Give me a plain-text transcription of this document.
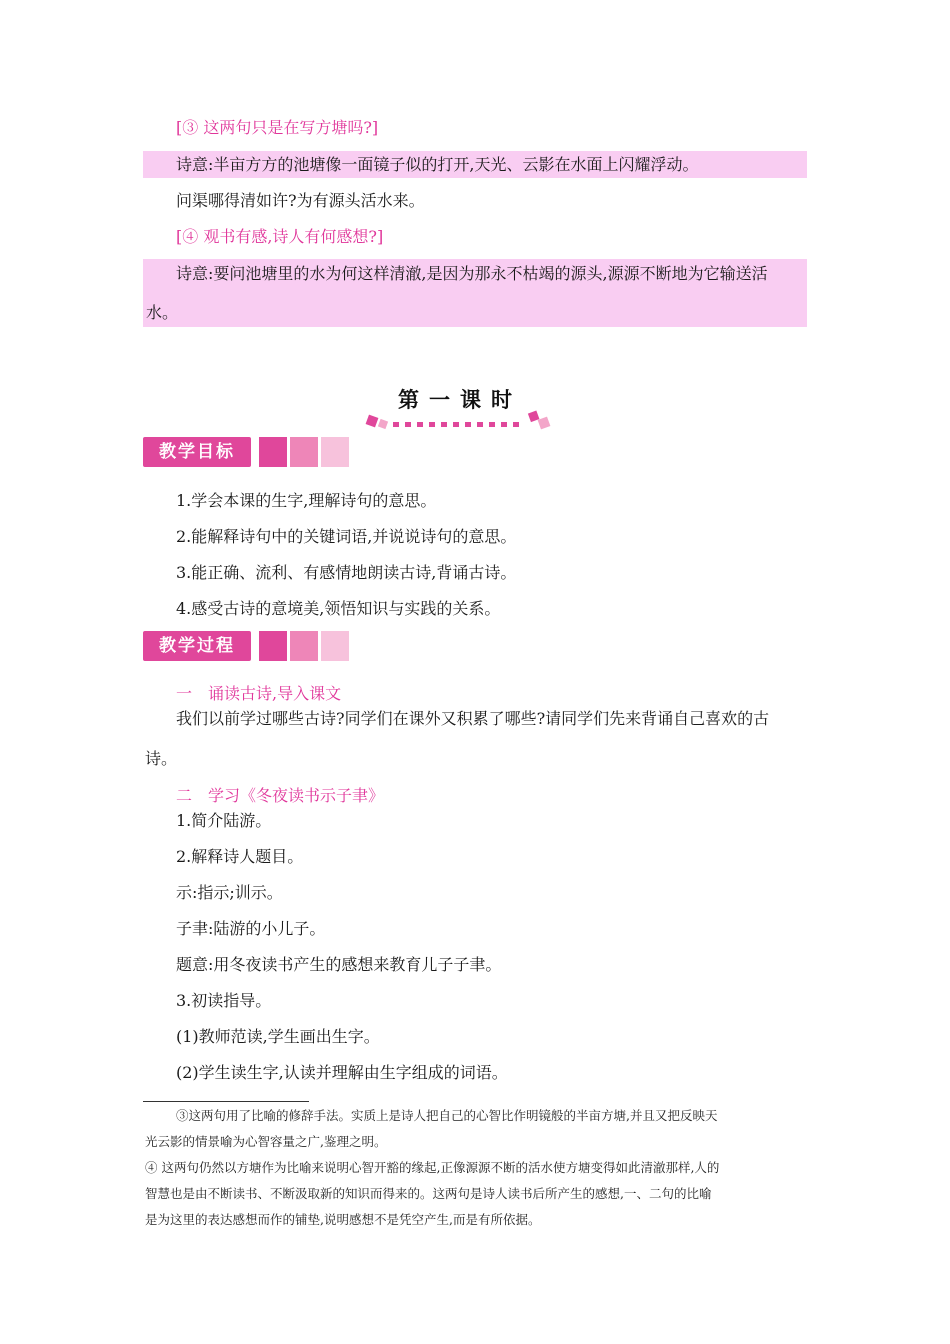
[③ 这两句只是在写方塘吗?]
诗意:半亩方方的池塘像一面镜子似的打开,天光、云影在水面上闪耀浮动。
问渠哪得清如许?为有源头活水来。
[④ 观书有感,诗人有何感想?]
诗意:要问池塘里的水为何这样清澈,是因为那永不枯竭的源头,源源不断地为它输送活
水。
第一课时
教学目标
1.学会本课的生字,理解诗句的意思。
2.能解释诗句中的关键词语,并说说诗句的意思。
3.能正确、流利、有感情地朗读古诗,背诵古诗。
4.感受古诗的意境美,领悟知识与实践的关系。
教学过程
一　诵读古诗,导入课文
我们以前学过哪些古诗?同学们在课外又积累了哪些?请同学们先来背诵自己喜欢的古
诗。
二　学习《冬夜读书示子聿》
1.简介陆游。
2.解释诗人题目。
示:指示;训示。
子聿:陆游的小儿子。
题意:用冬夜读书产生的感想来教育儿子子聿。
3.初读指导。
(1)教师范读,学生画出生字。
(2)学生读生字,认读并理解由生字组成的词语。
③这两句用了比喻的修辞手法。实质上是诗人把自己的心智比作明镜般的半亩方塘,并且又把反映天
光云影的情景喻为心智容量之广,鉴理之明。
④ 这两句仍然以方塘作为比喻来说明心智开豁的缘起,正像源源不断的活水使方塘变得如此清澈那样,人的
智慧也是由不断读书、不断汲取新的知识而得来的。这两句是诗人读书后所产生的感想,一、二句的比喻
是为这里的表达感想而作的铺垫,说明感想不是凭空产生,而是有所依据。
